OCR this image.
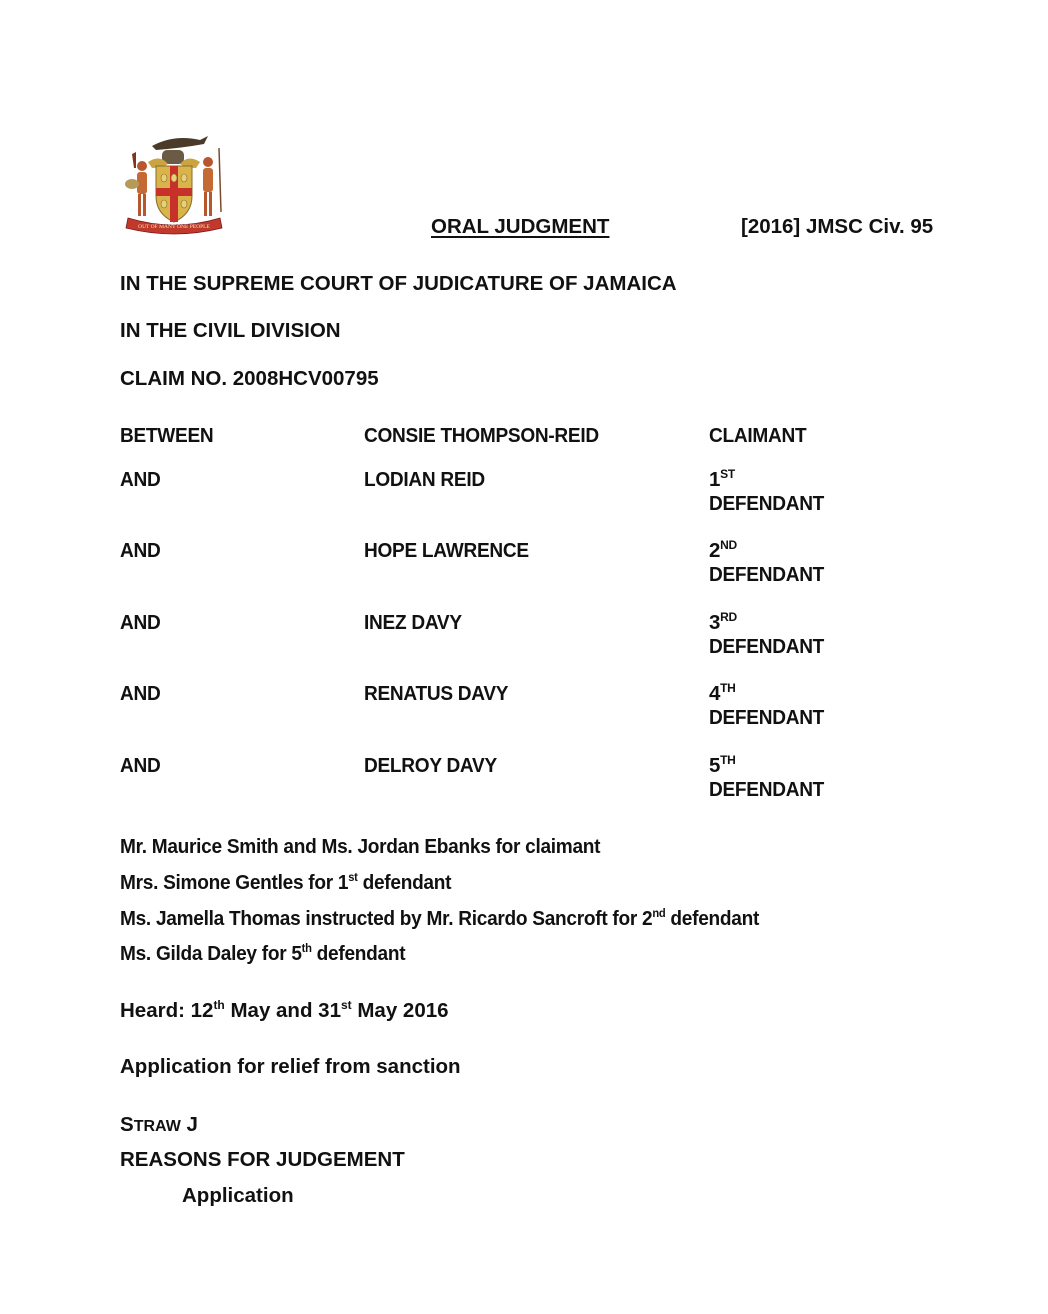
OUT OF MANY ONE PEOPLE	ORAL JUDGMENT	[2016] JMSC Civ. 95
IN THE SUPREME COURT OF JUDICATURE OF JAMAICA
IN THE CIVIL DIVISION
CLAIM NO. 2008HCV00795
BETWEEN	CONSIE THOMPSON-REID	CLAIMANT
AND	LODIAN REID	1ST
DEFENDANT
AND	HOPE LAWRENCE	2ND
DEFENDANT
AND	INEZ DAVY	3RD
DEFENDANT
AND	RENATUS DAVY	4TH
DEFENDANT
AND	DELROY DAVY	5TH
DEFENDANT
Mr. Maurice Smith and Ms. Jordan Ebanks for claimant
Mrs. Simone Gentles for 1st defendant
Ms. Jamella Thomas instructed by Mr. Ricardo Sancroft for 2nd defendant
Ms. Gilda Daley for 5th defendant
Heard: 12th May and 31st May 2016
Application for relief from sanction
STRAW J
REASONS FOR JUDGEMENT
Application
